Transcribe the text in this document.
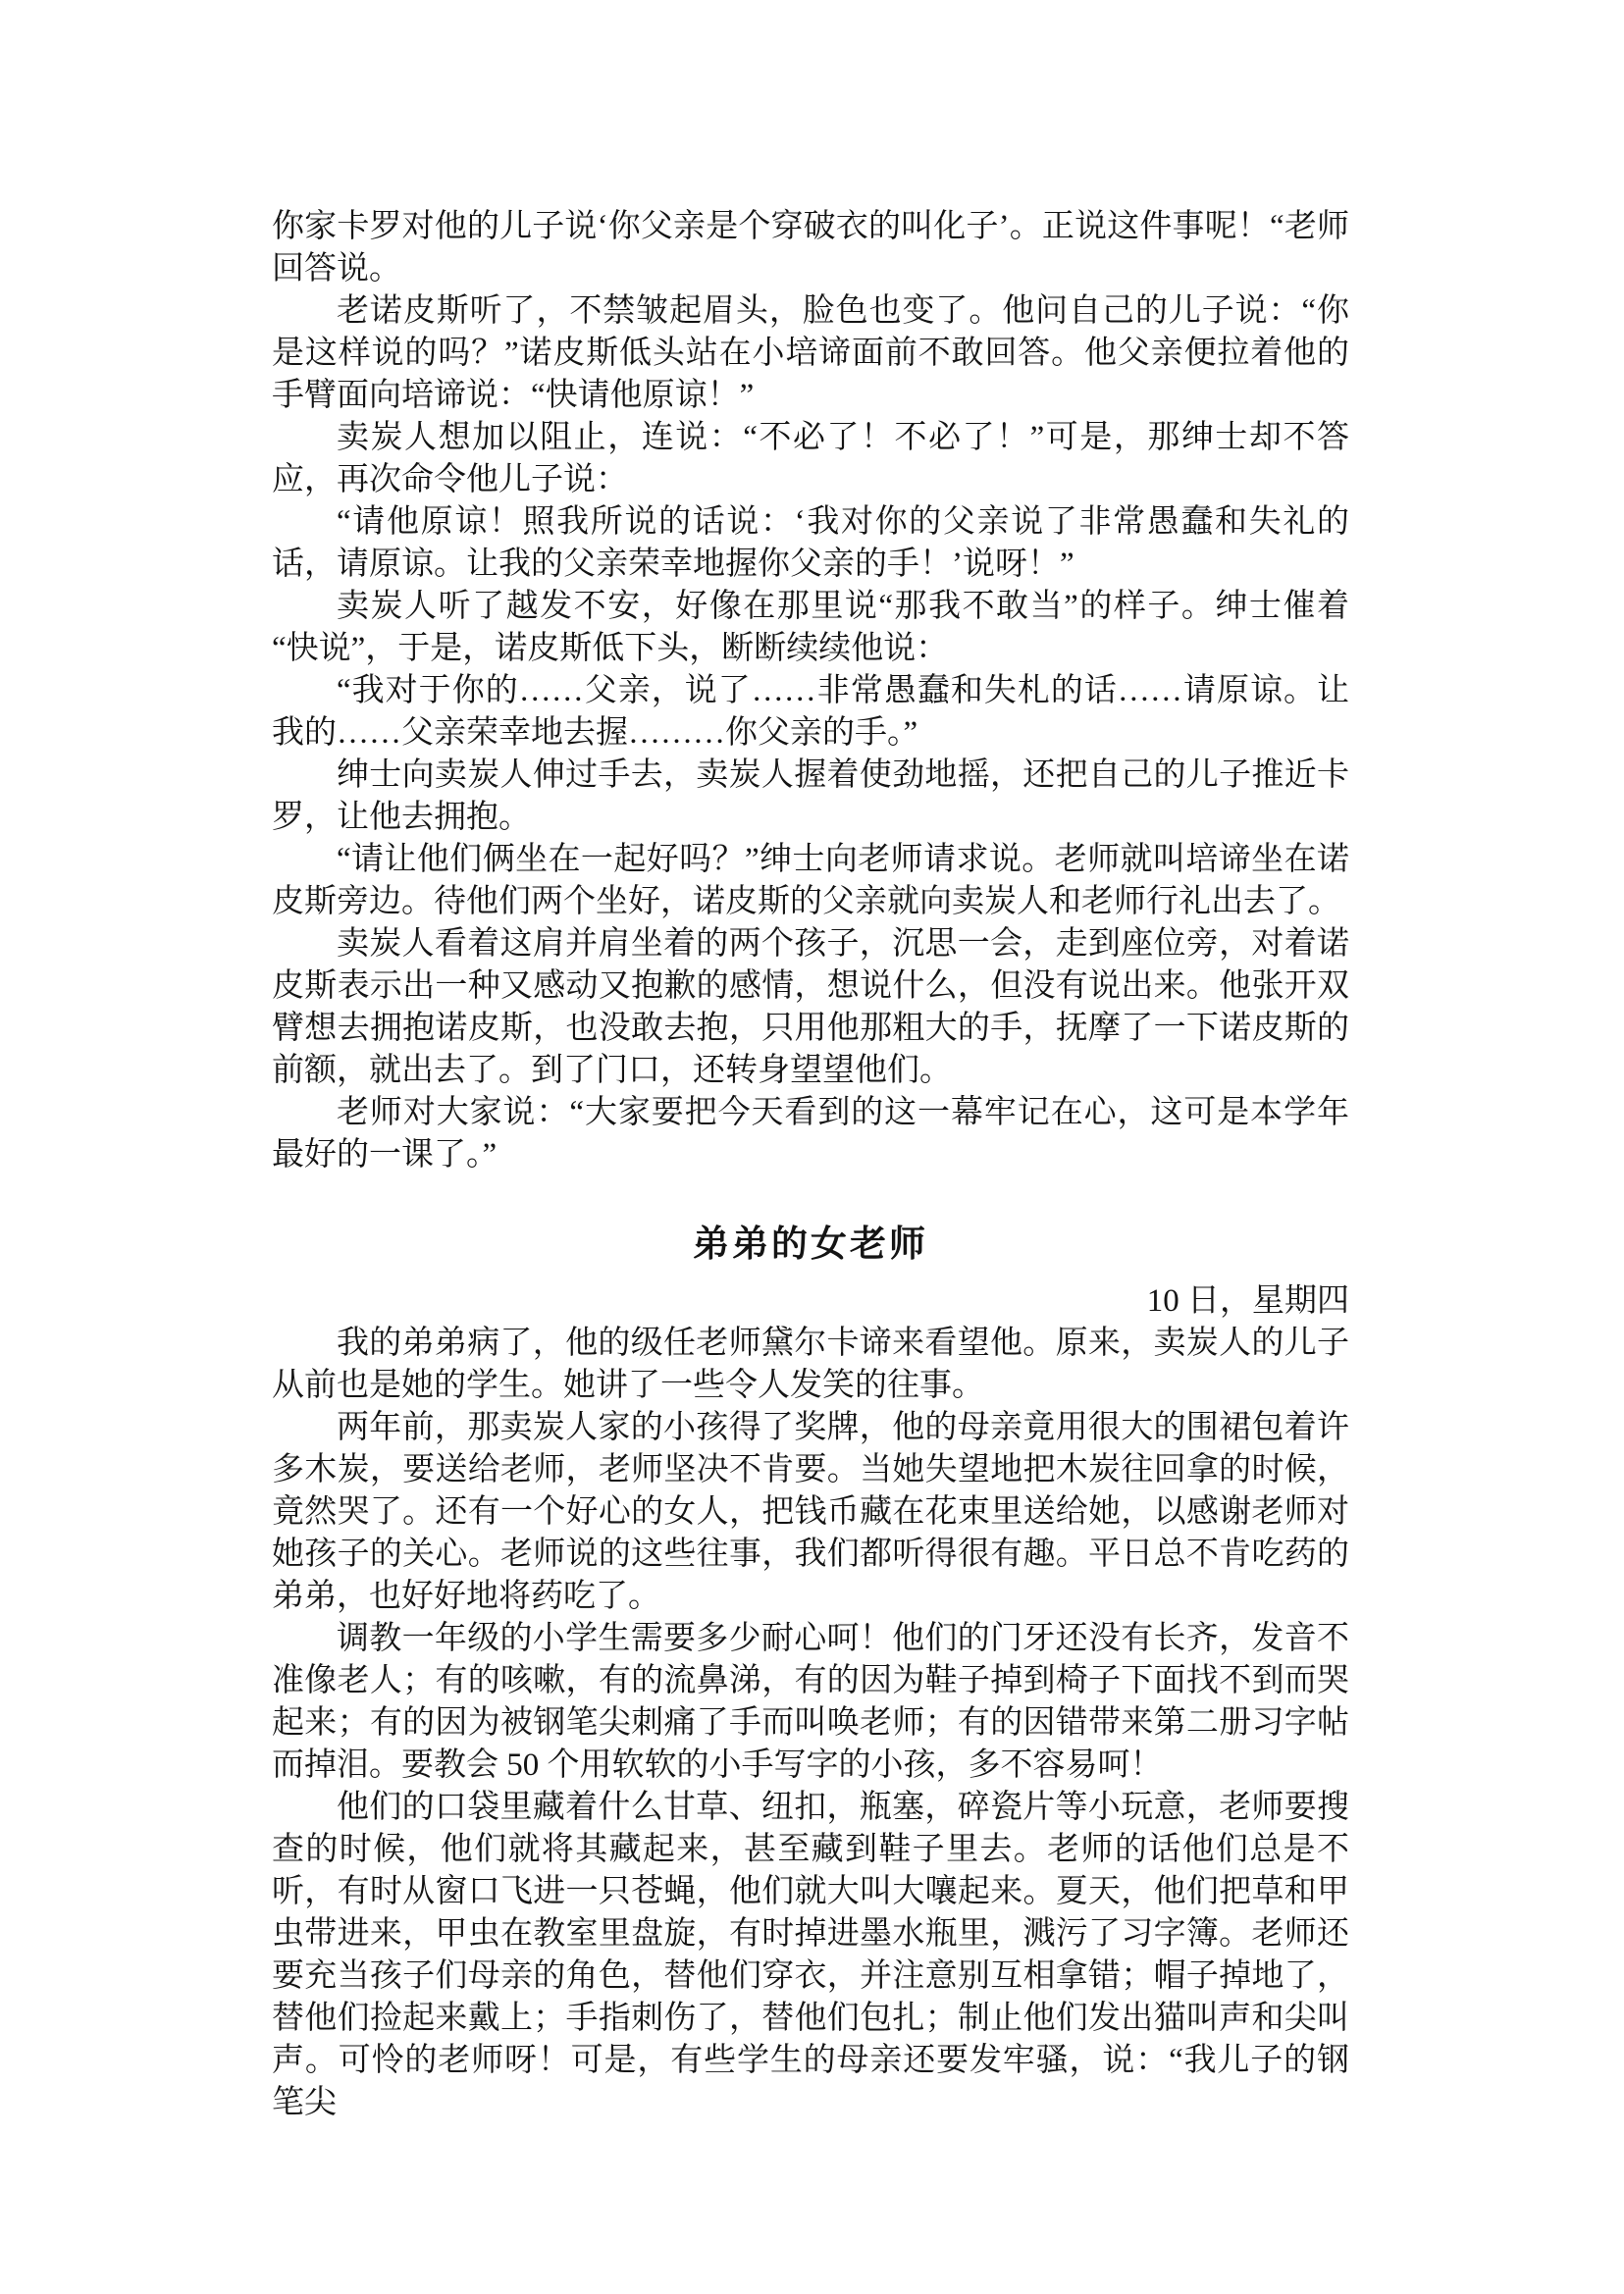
你家卡罗对他的儿子说‘你父亲是个穿破衣的叫化子’。正说这件事呢！“老师回答说。

老诺皮斯听了，不禁皱起眉头，脸色也变了。他问自己的儿子说：“你是这样说的吗？”诺皮斯低头站在小培谛面前不敢回答。他父亲便拉着他的手臂面向培谛说：“快请他原谅！”

卖炭人想加以阻止，连说：“不必了！不必了！”可是，那绅士却不答应，再次命令他儿子说：

“请他原谅！照我所说的话说：‘我对你的父亲说了非常愚蠢和失礼的话，请原谅。让我的父亲荣幸地握你父亲的手！’说呀！”

卖炭人听了越发不安，好像在那里说“那我不敢当”的样子。绅士催着“快说”，于是，诺皮斯低下头，断断续续他说：

“我对于你的……父亲，说了……非常愚蠢和失札的话……请原谅。让我的……父亲荣幸地去握………你父亲的手。”

绅士向卖炭人伸过手去，卖炭人握着使劲地摇，还把自己的儿子推近卡罗，让他去拥抱。

“请让他们俩坐在一起好吗？”绅士向老师请求说。老师就叫培谛坐在诺皮斯旁边。待他们两个坐好，诺皮斯的父亲就向卖炭人和老师行礼出去了。

卖炭人看着这肩并肩坐着的两个孩子，沉思一会，走到座位旁，对着诺皮斯表示出一种又感动又抱歉的感情，想说什么，但没有说出来。他张开双臂想去拥抱诺皮斯，也没敢去抱，只用他那粗大的手，抚摩了一下诺皮斯的前额，就出去了。到了门口，还转身望望他们。

老师对大家说：“大家要把今天看到的这一幕牢记在心，这可是本学年最好的一课了。”

弟弟的女老师
10 日，星期四

我的弟弟病了，他的级任老师黛尔卡谛来看望他。原来，卖炭人的儿子从前也是她的学生。她讲了一些令人发笑的往事。

两年前，那卖炭人家的小孩得了奖牌，他的母亲竟用很大的围裙包着许多木炭，要送给老师，老师坚决不肯要。当她失望地把木炭往回拿的时候，竟然哭了。还有一个好心的女人，把钱币藏在花束里送给她，以感谢老师对她孩子的关心。老师说的这些往事，我们都听得很有趣。平日总不肯吃药的弟弟，也好好地将药吃了。

调教一年级的小学生需要多少耐心呵！他们的门牙还没有长齐，发音不准像老人；有的咳嗽，有的流鼻涕，有的因为鞋子掉到椅子下面找不到而哭起来；有的因为被钢笔尖刺痛了手而叫唤老师；有的因错带来第二册习字帖而掉泪。要教会 50 个用软软的小手写字的小孩，多不容易呵！

他们的口袋里藏着什么甘草、纽扣，瓶塞，碎瓷片等小玩意，老师要搜查的时候，他们就将其藏起来，甚至藏到鞋子里去。老师的话他们总是不听，有时从窗口飞进一只苍蝇，他们就大叫大嚷起来。夏天，他们把草和甲虫带进来，甲虫在教室里盘旋，有时掉进墨水瓶里，溅污了习字簿。老师还要充当孩子们母亲的角色，替他们穿衣，并注意别互相拿错；帽子掉地了，替他们捡起来戴上；手指刺伤了，替他们包扎；制止他们发出猫叫声和尖叫声。可怜的老师呀！可是，有些学生的母亲还要发牢骚，说：“我儿子的钢笔尖
